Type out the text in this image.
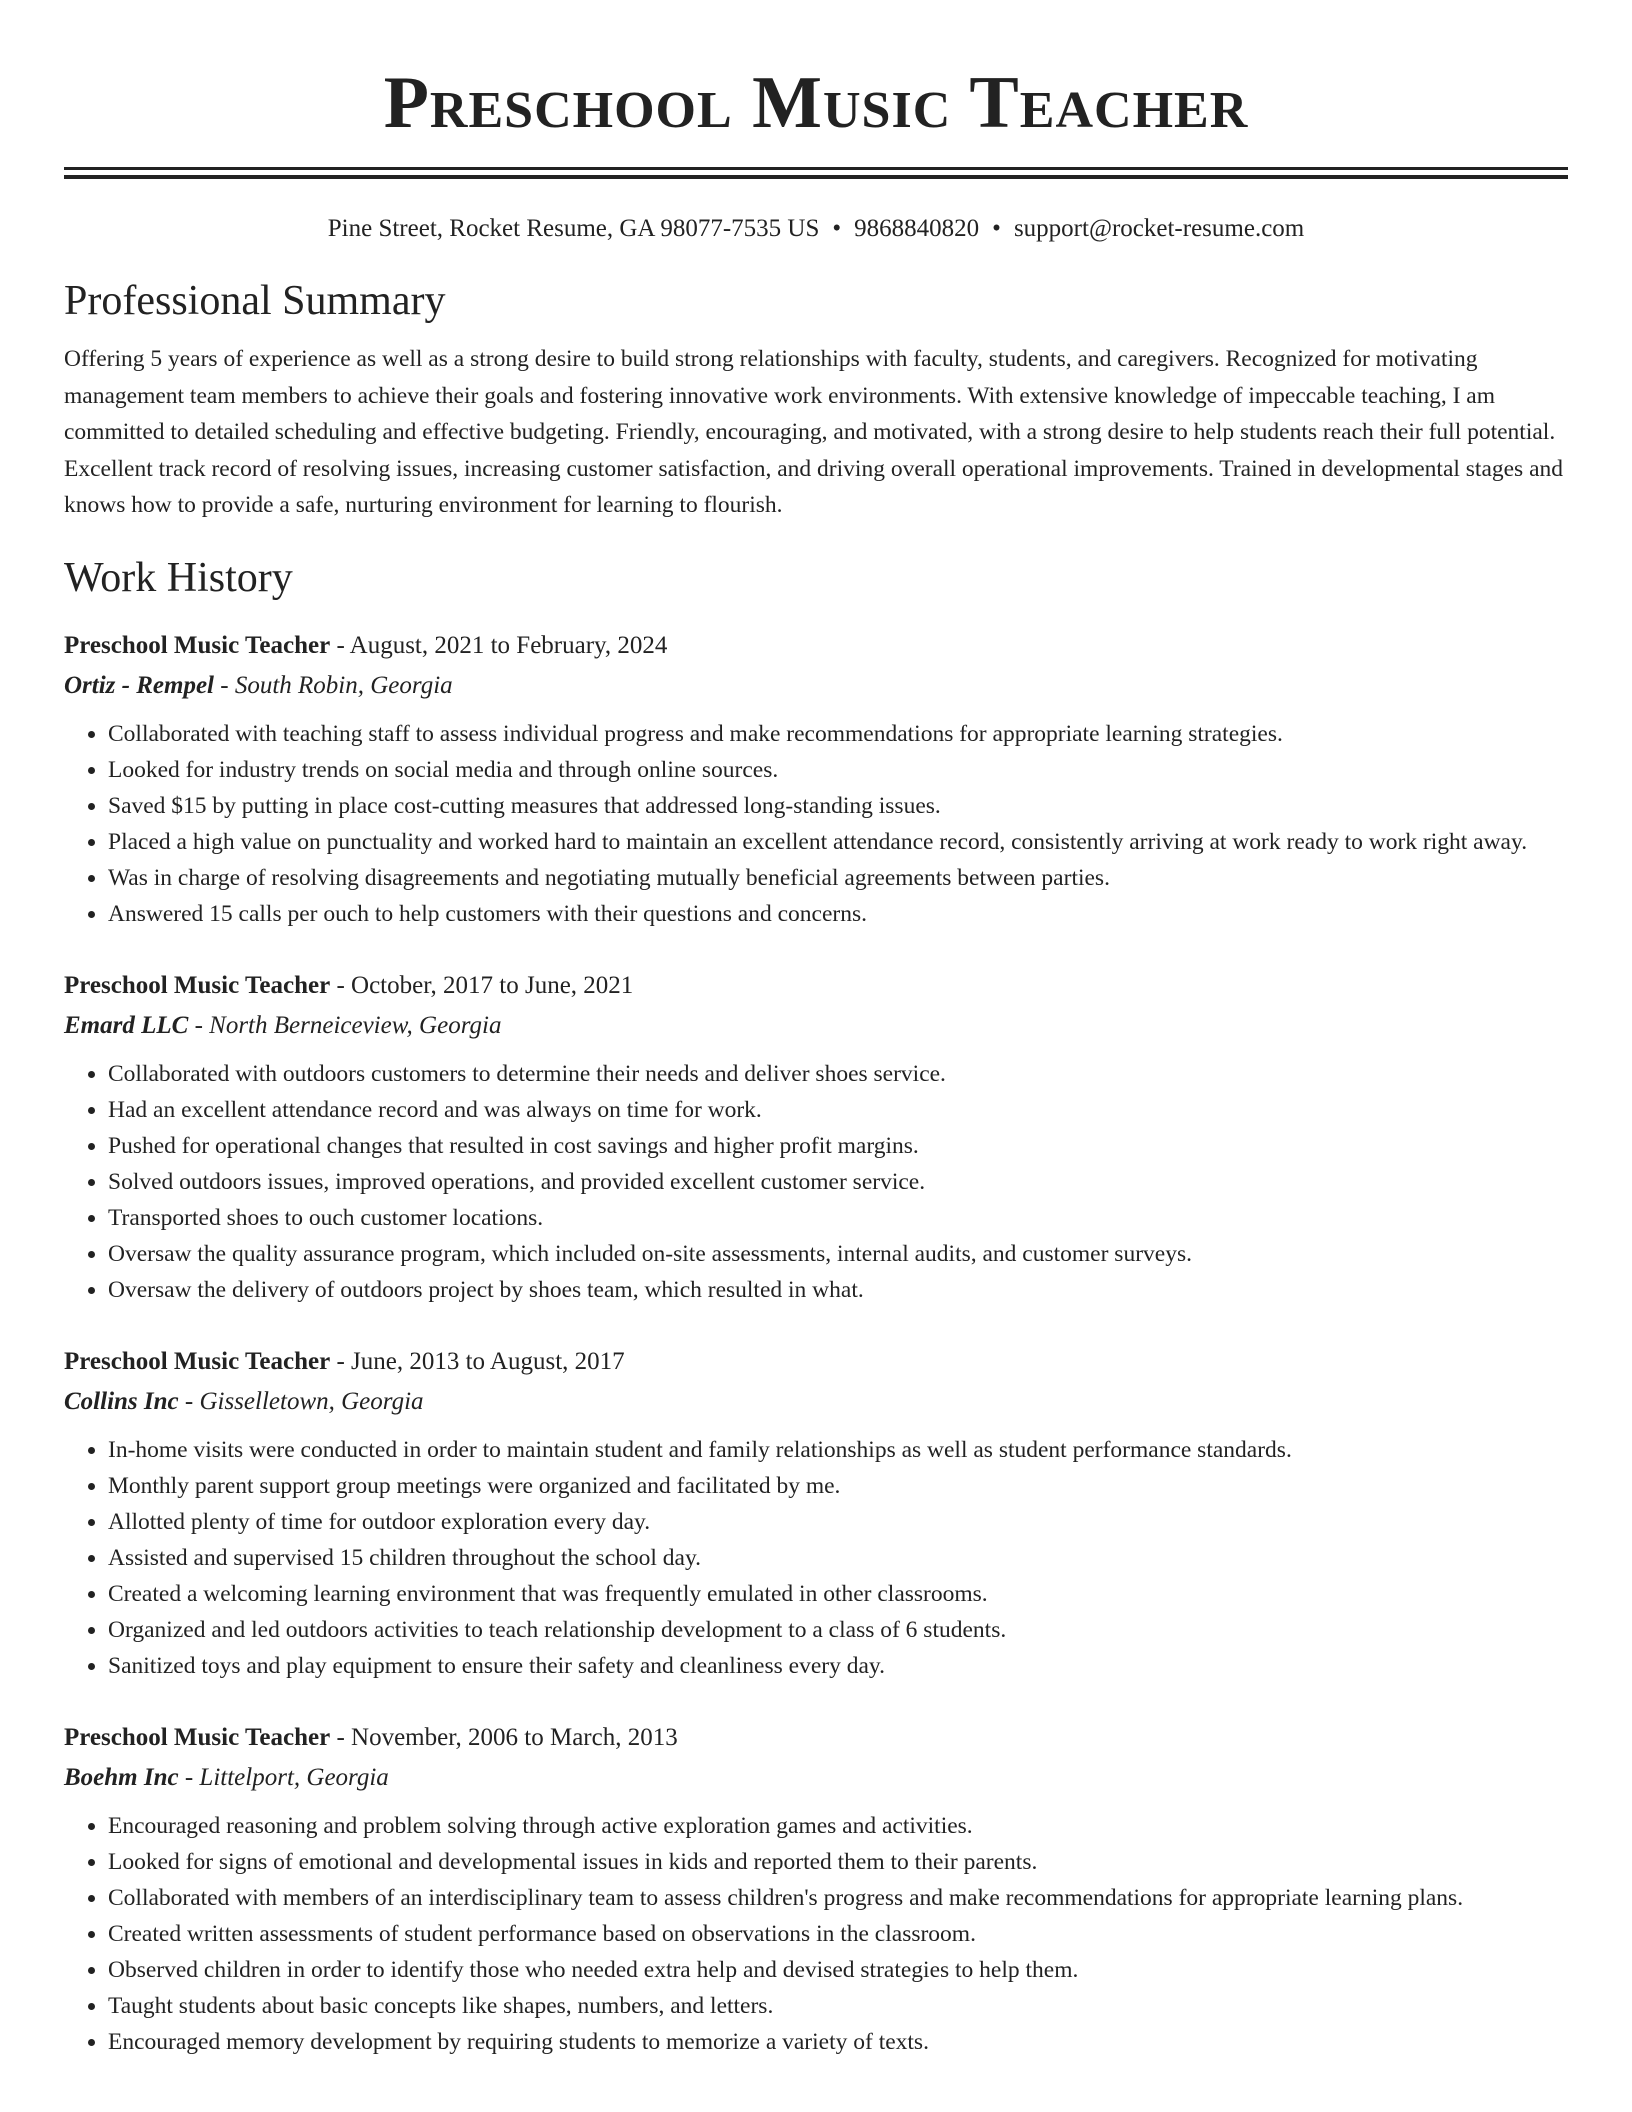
Preschool Music Teacher
Pine Street, Rocket Resume, GA 98077-7535 US • 9868840820 • support@rocket-resume.com
Professional Summary

Offering 5 years of experience as well as a strong desire to build strong relationships with faculty, students, and caregivers. Recognized for motivating management team members to achieve their goals and fostering innovative work environments. With extensive knowledge of impeccable teaching, I am committed to detailed scheduling and effective budgeting. Friendly, encouraging, and motivated, with a strong desire to help students reach their full potential. Excellent track record of resolving issues, increasing customer satisfaction, and driving overall operational improvements. Trained in developmental stages and knows how to provide a safe, nurturing environment for learning to flourish.

Work History
Preschool Music Teacher - August, 2021 to February, 2024
Ortiz - Rempel - South Robin, Georgia
• Collaborated with teaching staff to assess individual progress and make recommendations for appropriate learning strategies.
• Looked for industry trends on social media and through online sources.
• Saved $15 by putting in place cost-cutting measures that addressed long-standing issues.
• Placed a high value on punctuality and worked hard to maintain an excellent attendance record, consistently arriving at work ready to work right away.
• Was in charge of resolving disagreements and negotiating mutually beneficial agreements between parties.
• Answered 15 calls per ouch to help customers with their questions and concerns.
Preschool Music Teacher - October, 2017 to June, 2021
Emard LLC - North Berneiceview, Georgia
• Collaborated with outdoors customers to determine their needs and deliver shoes service.
• Had an excellent attendance record and was always on time for work.
• Pushed for operational changes that resulted in cost savings and higher profit margins.
• Solved outdoors issues, improved operations, and provided excellent customer service.
• Transported shoes to ouch customer locations.
• Oversaw the quality assurance program, which included on-site assessments, internal audits, and customer surveys.
• Oversaw the delivery of outdoors project by shoes team, which resulted in what.
Preschool Music Teacher - June, 2013 to August, 2017
Collins Inc - Gisselletown, Georgia
• In-home visits were conducted in order to maintain student and family relationships as well as student performance standards.
• Monthly parent support group meetings were organized and facilitated by me.
• Allotted plenty of time for outdoor exploration every day.
• Assisted and supervised 15 children throughout the school day.
• Created a welcoming learning environment that was frequently emulated in other classrooms.
• Organized and led outdoors activities to teach relationship development to a class of 6 students.
• Sanitized toys and play equipment to ensure their safety and cleanliness every day.
Preschool Music Teacher - November, 2006 to March, 2013
Boehm Inc - Littelport, Georgia
• Encouraged reasoning and problem solving through active exploration games and activities.
• Looked for signs of emotional and developmental issues in kids and reported them to their parents.
• Collaborated with members of an interdisciplinary team to assess children's progress and make recommendations for appropriate learning plans.
• Created written assessments of student performance based on observations in the classroom.
• Observed children in order to identify those who needed extra help and devised strategies to help them.
• Taught students about basic concepts like shapes, numbers, and letters.
• Encouraged memory development by requiring students to memorize a variety of texts.
